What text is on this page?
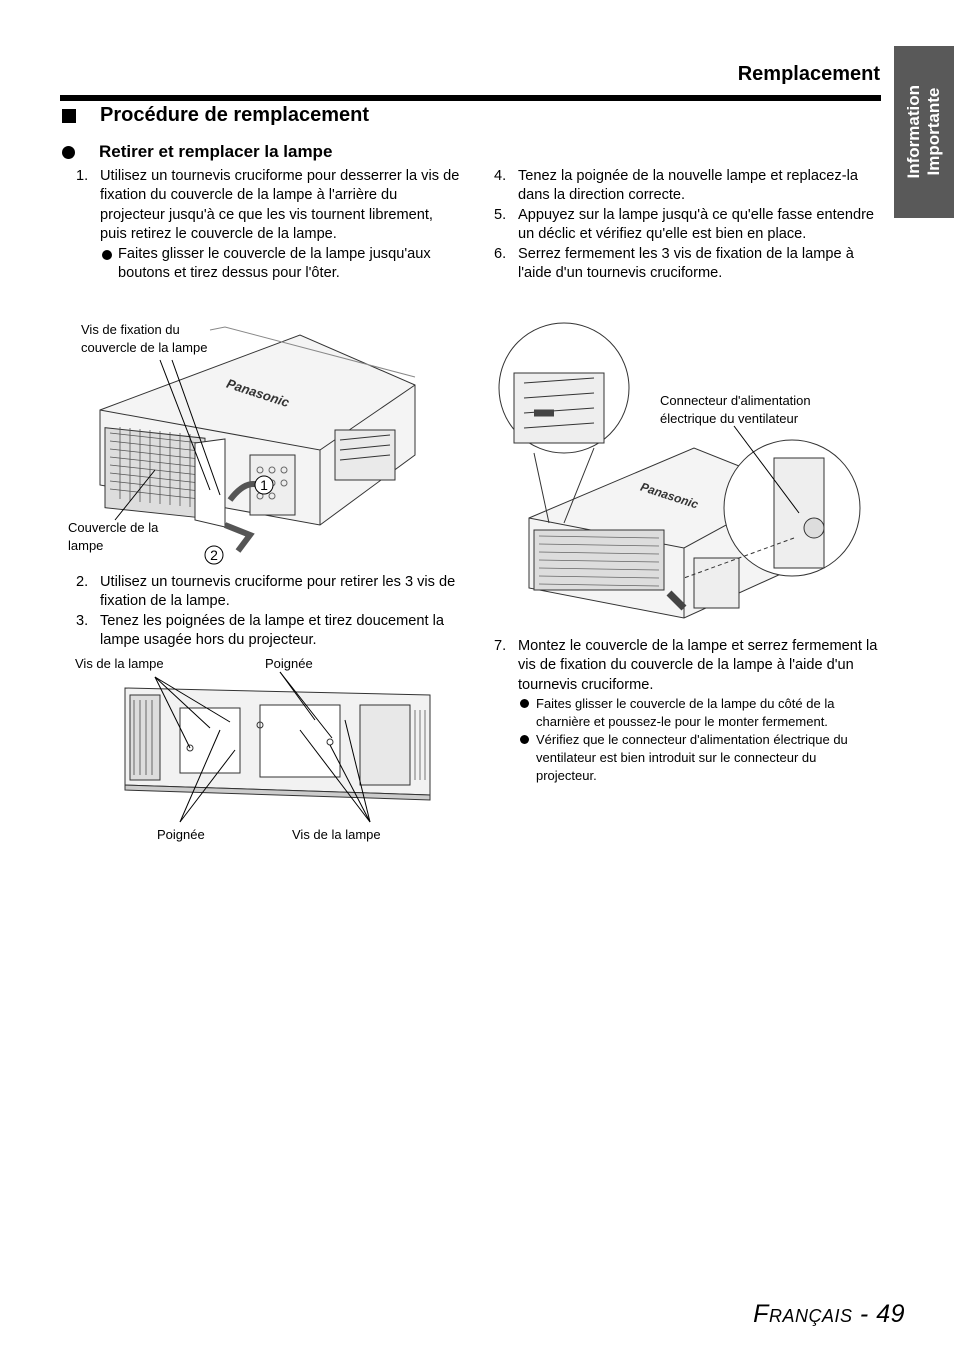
Remplacement
Information
Importante
Procédure de remplacement
Retirer et remplacer la lampe
1. Utilisez un tournevis cruciforme pour desserrer la vis de fixation du couvercle de la lampe à l'arrière du projecteur jusqu'à ce que les vis tournent librement, puis retirez le couvercle de la lampe.
Faites glisser le couvercle de la lampe jusqu'aux boutons et tirez dessus pour l'ôter.
Panasonic
1
2
Vis de fixation du
couvercle de la lampe
Couvercle de la
lampe
2. Utilisez un tournevis cruciforme pour retirer les 3 vis de fixation de la lampe.
3. Tenez les poignées de la lampe et tirez doucement la lampe usagée hors du projecteur.
Vis de la lampe	Poignée
Poignée	Vis de la lampe
4. Tenez la poignée de la nouvelle lampe et replacez-la dans la direction correcte.
5. Appuyez sur la lampe jusqu'à ce qu'elle fasse entendre un déclic et vérifiez qu'elle est bien en place.
6. Serrez fermement les 3 vis de fixation de la lampe à l'aide d'un tournevis cruciforme.
Panasonic
Connecteur d'alimentation
électrique du ventilateur
7. Montez le couvercle de la lampe et serrez fermement la vis de fixation du couvercle de la lampe à l'aide d'un tournevis cruciforme.
Faites glisser le couvercle de la lampe du côté de la charnière et poussez-le pour le monter fermement.
Vérifiez que le connecteur d'alimentation électrique du ventilateur est bien introduit sur le connecteur du projecteur.
Français - 49
